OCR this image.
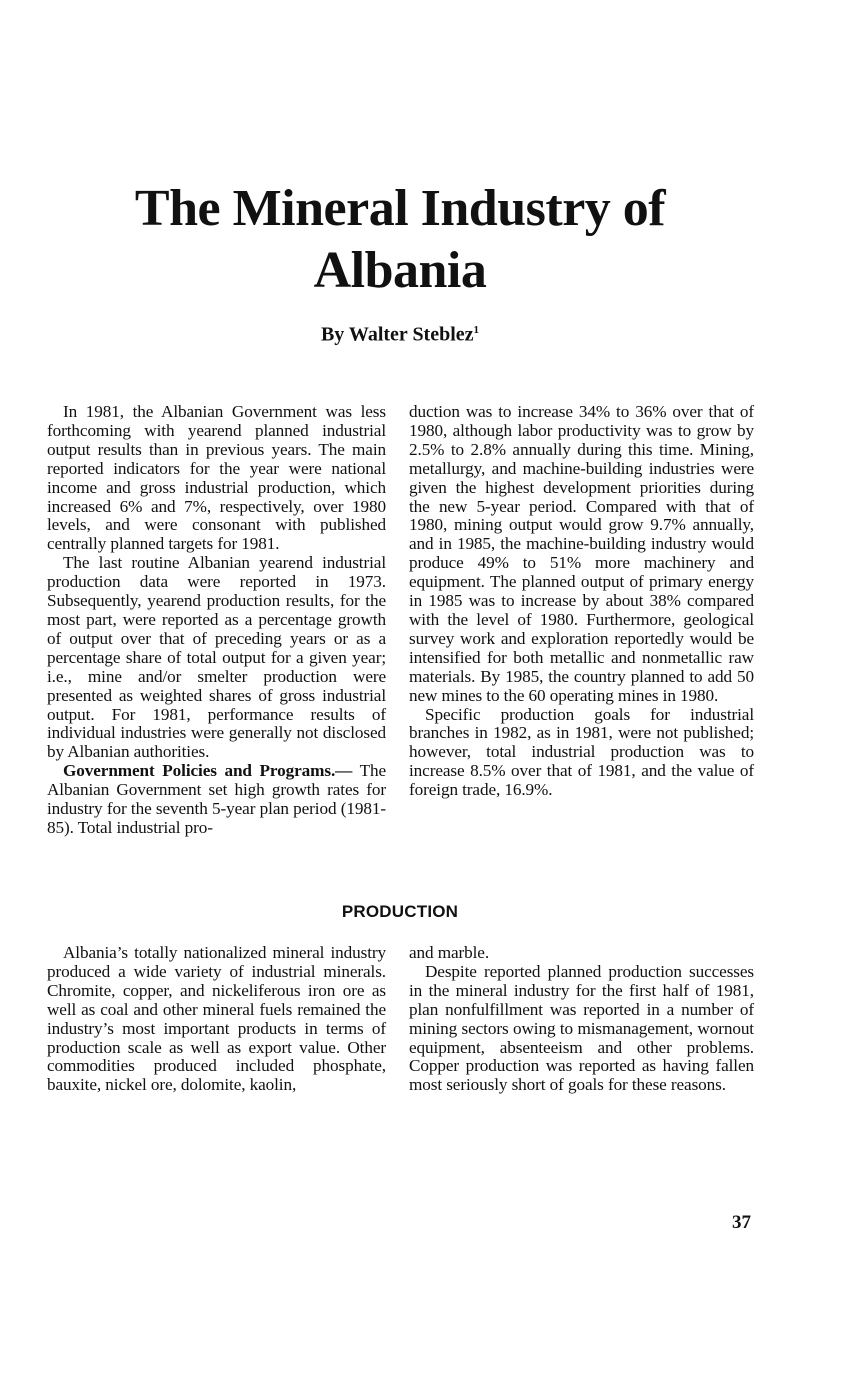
The Mineral Industry of
Albania
By Walter Steblez$^1$

In 1981, the Albanian Government was less forthcoming with yearend planned industrial output results than in previous years. The main reported indicators for the year were national income and gross industrial production, which increased 6% and 7%, respectively, over 1980 levels, and were consonant with published centrally planned targets for 1981.

The last routine Albanian yearend industrial production data were reported in 1973. Subsequently, yearend production results, for the most part, were reported as a percentage growth of output over that of preceding years or as a percentage share of total output for a given year; i.e., mine and/or smelter production were presented as weighted shares of gross industrial output. For 1981, performance results of individual industries were generally not disclosed by Albanian authorities.

Government Policies and Programs.— The Albanian Government set high growth rates for industry for the seventh 5-year plan period (1981-85). Total industrial pro-

duction was to increase 34% to 36% over that of 1980, although labor productivity was to grow by 2.5% to 2.8% annually during this time. Mining, metallurgy, and machine-building industries were given the highest development priorities during the new 5-year period. Compared with that of 1980, mining output would grow 9.7% annually, and in 1985, the machine-building industry would produce 49% to 51% more machinery and equipment. The planned output of primary energy in 1985 was to increase by about 38% compared with the level of 1980. Furthermore, geological survey work and exploration reportedly would be intensified for both metallic and nonmetallic raw materials. By 1985, the country planned to add 50 new mines to the 60 operating mines in 1980.

Specific production goals for industrial branches in 1982, as in 1981, were not published; however, total industrial production was to increase 8.5% over that of 1981, and the value of foreign trade, 16.9%.

PRODUCTION

Albania’s totally nationalized mineral industry produced a wide variety of industrial minerals. Chromite, copper, and nickeliferous iron ore as well as coal and other mineral fuels remained the industry’s most important products in terms of production scale as well as export value. Other commodities produced included phosphate, bauxite, nickel ore, dolomite, kaolin,

and marble.

Despite reported planned production successes in the mineral industry for the first half of 1981, plan nonfulfillment was reported in a number of mining sectors owing to mismanagement, wornout equipment, absenteeism and other problems. Copper production was reported as having fallen most seriously short of goals for these reasons.

37
